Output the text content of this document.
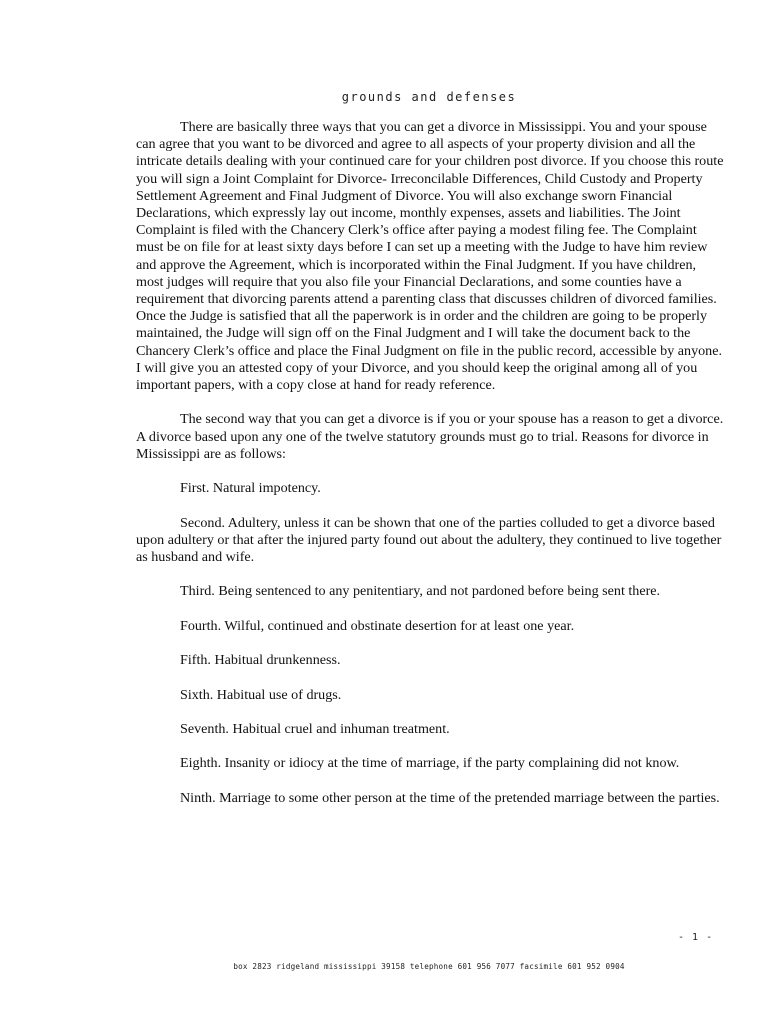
grounds and defenses

There are basically three ways that you can get a divorce in Mississippi. You and your spouse can agree that you want to be divorced and agree to all aspects of your property division and all the intricate details dealing with your continued care for your children post divorce. If you choose this route you will sign a Joint Complaint for Divorce- Irreconcilable Differences, Child Custody and Property Settlement Agreement and Final Judgment of Divorce. You will also exchange sworn Financial Declarations, which expressly lay out income, monthly expenses, assets and liabilities. The Joint Complaint is filed with the Chancery Clerk’s office after paying a modest filing fee. The Complaint must be on file for at least sixty days before I can set up a meeting with the Judge to have him review and approve the Agreement, which is incorporated within the Final Judgment. If you have children, most judges will require that you also file your Financial Declarations, and some counties have a requirement that divorcing parents attend a parenting class that discusses children of divorced families. Once the Judge is satisfied that all the paperwork is in order and the children are going to be properly maintained, the Judge will sign off on the Final Judgment and I will take the document back to the Chancery Clerk’s office and place the Final Judgment on file in the public record, accessible by anyone. I will give you an attested copy of your Divorce, and you should keep the original among all of you important papers, with a copy close at hand for ready reference.

The second way that you can get a divorce is if you or your spouse has a reason to get a divorce. A divorce based upon any one of the twelve statutory grounds must go to trial. Reasons for divorce in Mississippi are as follows:

First. Natural impotency.

Second. Adultery, unless it can be shown that one of the parties colluded to get a divorce based upon adultery or that after the injured party found out about the adultery, they continued to live together as husband and wife.

Third. Being sentenced to any penitentiary, and not pardoned before being sent there.

Fourth. Wilful, continued and obstinate desertion for at least one year.

Fifth. Habitual drunkenness.

Sixth. Habitual use of drugs.

Seventh. Habitual cruel and inhuman treatment.

Eighth. Insanity or idiocy at the time of marriage, if the party complaining did not know.

Ninth. Marriage to some other person at the time of the pretended marriage between the parties.

- 1 -
box 2823 ridgeland mississippi 39158 telephone 601 956 7077 facsimile 601 952 0904
